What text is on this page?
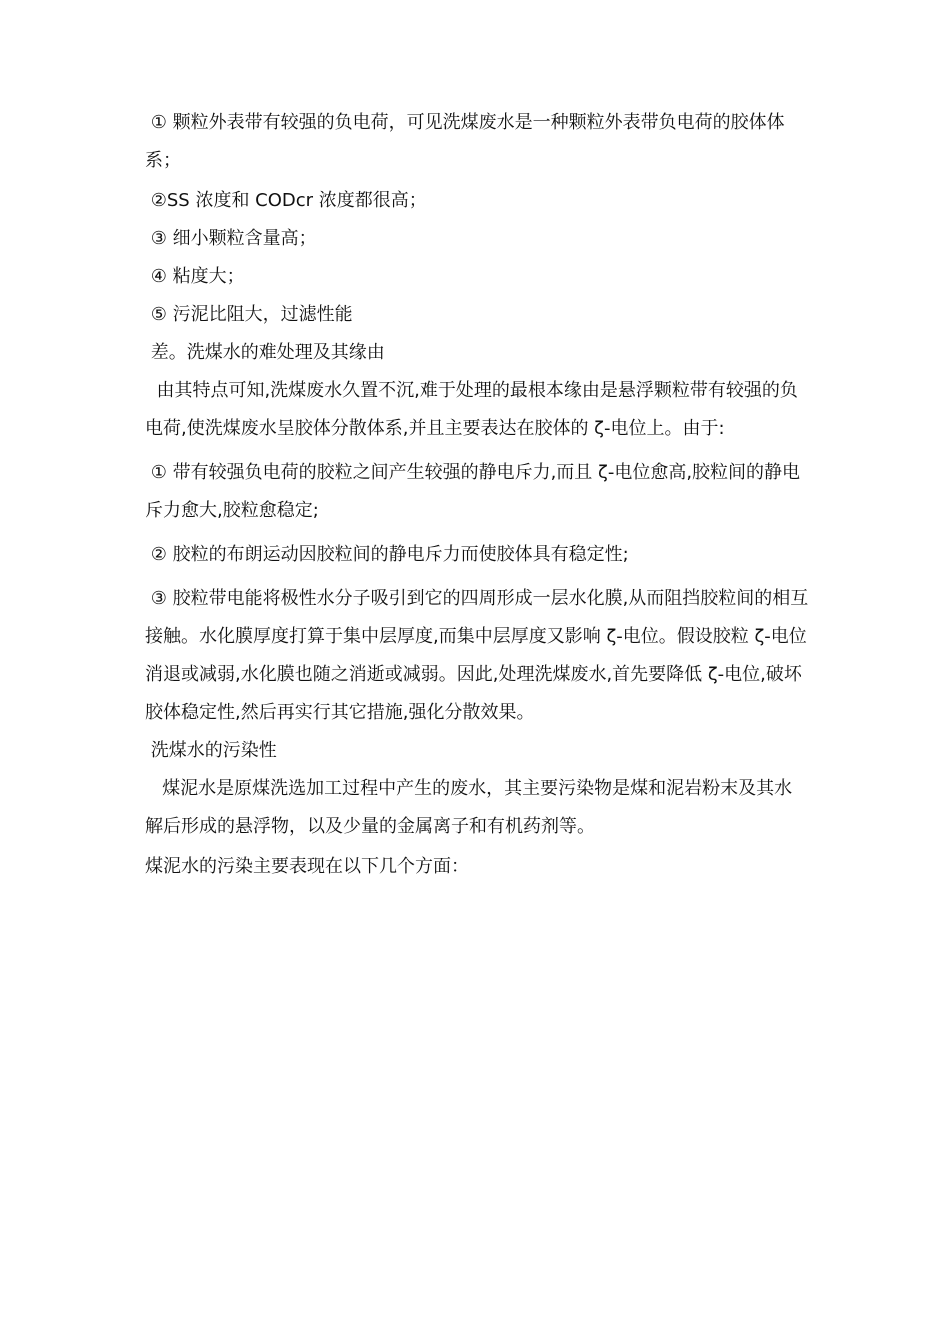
① 颗粒外表带有较强的负电荷，可见洗煤废水是一种颗粒外表带负电荷的胶体体系；

②SS 浓度和 CODcr 浓度都很高；

③ 细小颗粒含量高；

④ 粘度大；

⑤ 污泥比阻大，过滤性能

差。洗煤水的难处理及其缘由

由其特点可知,洗煤废水久置不沉,难于处理的最根本缘由是悬浮颗粒带有较强的负电荷,使洗煤废水呈胶体分散体系,并且主要表达在胶体的 ζ-电位上。由于:

① 带有较强负电荷的胶粒之间产生较强的静电斥力,而且 ζ-电位愈高,胶粒间的静电斥力愈大,胶粒愈稳定;

② 胶粒的布朗运动因胶粒间的静电斥力而使胶体具有稳定性;

③ 胶粒带电能将极性水分子吸引到它的四周形成一层水化膜,从而阻挡胶粒间的相互接触。水化膜厚度打算于集中层厚度,而集中层厚度又影响 ζ-电位。假设胶粒 ζ-电位消退或减弱,水化膜也随之消逝或减弱。因此,处理洗煤废水,首先要降低 ζ-电位,破坏胶体稳定性,然后再实行其它措施,强化分散效果。

洗煤水的污染性

煤泥水是原煤洗选加工过程中产生的废水，其主要污染物是煤和泥岩粉末及其水解后形成的悬浮物，以及少量的金属离子和有机药剂等。

煤泥水的污染主要表现在以下几个方面：
